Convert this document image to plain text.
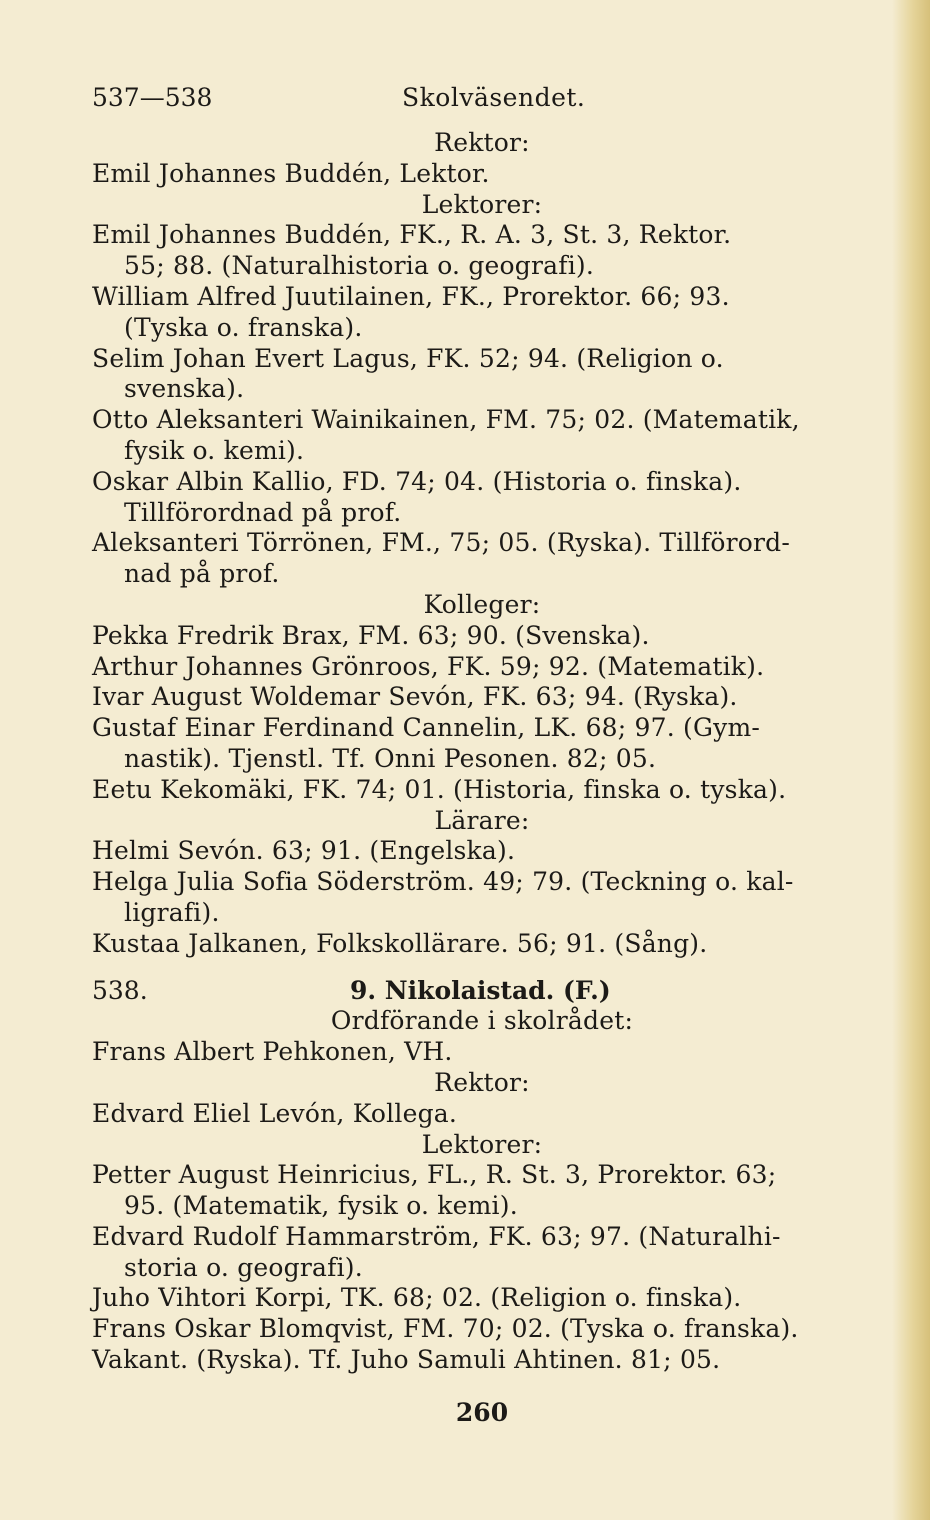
537—538	Skolväsendet.
Rektor:
Emil Johannes Buddén, Lektor.
Lektorer:
Emil Johannes Buddén, FK., R. A. 3, St. 3, Rektor.
55; 88. (Naturalhistoria o. geografi).
William Alfred Juutilainen, FK., Prorektor. 66; 93.
(Tyska o. franska).
Selim Johan Evert Lagus, FK. 52; 94. (Religion o.
svenska).
Otto Aleksanteri Wainikainen, FM. 75; 02. (Matematik,
fysik o. kemi).
Oskar Albin Kallio, FD. 74; 04. (Historia o. finska).
Tillförordnad på prof.
Aleksanteri Törrönen, FM., 75; 05. (Ryska). Tillförord-
nad på prof.
Kolleger:
Pekka Fredrik Brax, FM. 63; 90. (Svenska).
Arthur Johannes Grönroos, FK. 59; 92. (Matematik).
Ivar August Woldemar Sevón, FK. 63; 94. (Ryska).
Gustaf Einar Ferdinand Cannelin, LK. 68; 97. (Gym-
nastik). Tjenstl. Tf. Onni Pesonen. 82; 05.
Eetu Kekomäki, FK. 74; 01. (Historia, finska o. tyska).
Lärare:
Helmi Sevón. 63; 91. (Engelska).
Helga Julia Sofia Söderström. 49; 79. (Teckning o. kal-
ligrafi).
Kustaa Jalkanen, Folkskollärare. 56; 91. (Sång).
538.	9. Nikolaistad. (F.)
Ordförande i skolrådet:
Frans Albert Pehkonen, VH.
Rektor:
Edvard Eliel Levón, Kollega.
Lektorer:
Petter August Heinricius, FL., R. St. 3, Prorektor. 63;
95. (Matematik, fysik o. kemi).
Edvard Rudolf Hammarström, FK. 63; 97. (Naturalhi-
storia o. geografi).
Juho Vihtori Korpi, TK. 68; 02. (Religion o. finska).
Frans Oskar Blomqvist, FM. 70; 02. (Tyska o. franska).
Vakant. (Ryska). Tf. Juho Samuli Ahtinen. 81; 05.
260
